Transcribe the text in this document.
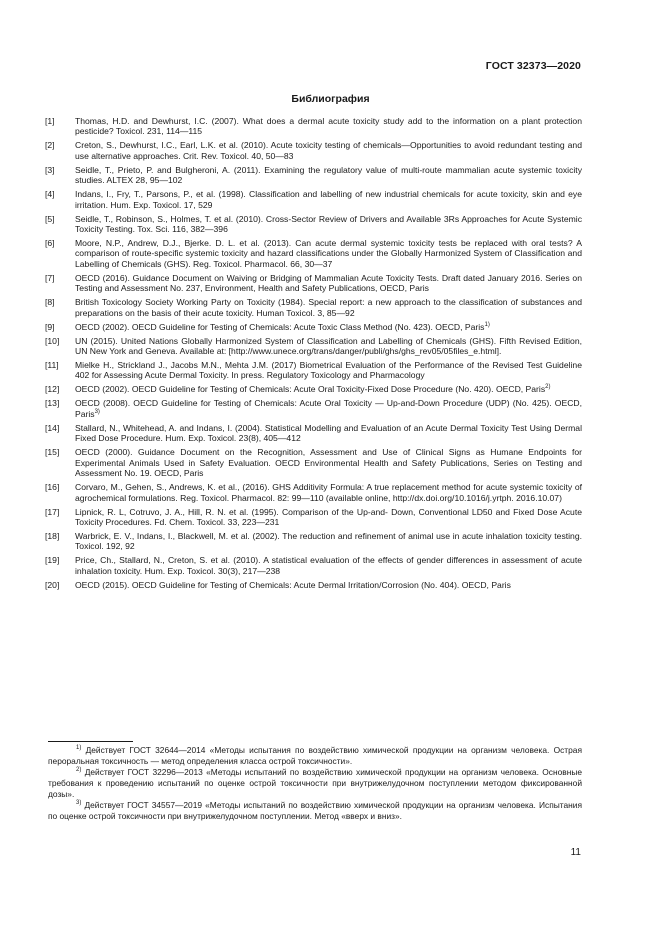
ГОСТ 32373—2020
Библиография
[1]	Thomas, H.D. and Dewhurst, I.C. (2007). What does a dermal acute toxicity study add to the information on a plant protection pesticide? Toxicol. 231, 114—115
[2]	Creton, S., Dewhurst, I.C., Earl, L.K. et al. (2010). Acute toxicity testing of chemicals—Opportunities to avoid redundant testing and use alternative approaches. Crit. Rev. Toxicol. 40, 50—83
[3]	Seidle, T., Prieto, P. and Bulgheroni, A. (2011). Examining the regulatory value of multi-route mammalian acute systemic toxicity studies. ALTEX 28, 95—102
[4]	Indans, I., Fry, T., Parsons, P., et al. (1998). Classification and labelling of new industrial chemicals for acute toxicity, skin and eye irritation. Hum. Exp. Toxicol. 17, 529
[5]	Seidle, T., Robinson, S., Holmes, T. et al. (2010). Cross-Sector Review of Drivers and Available 3Rs Approaches for Acute Systemic Toxicity Testing. Tox. Sci. 116, 382—396
[6]	Moore, N.P., Andrew, D.J., Bjerke. D. L. et al. (2013). Can acute dermal systemic toxicity tests be replaced with oral tests? A comparison of route-specific systemic toxicity and hazard classifications under the Globally Harmonized System of Classification and Labelling of Chemicals (GHS). Reg. Toxicol. Pharmacol. 66, 30—37
[7]	OECD (2016). Guidance Document on Waiving or Bridging of Mammalian Acute Toxicity Tests. Draft dated January 2016. Series on Testing and Assessment No. 237, Environment, Health and Safety Publications, OECD, Paris
[8]	British Toxicology Society Working Party on Toxicity (1984). Special report: a new approach to the classification of substances and preparations on the basis of their acute toxicity. Human Toxicol. 3, 85—92
[9]	OECD (2002). OECD Guideline for Testing of Chemicals: Acute Toxic Class Method (No. 423). OECD, Paris$^{1)}$
[10]	UN (2015). United Nations Globally Harmonized System of Classification and Labelling of Chemicals (GHS). Fifth Revised Edition, UN New York and Geneva. Available at: [http://www.unece.org/trans/danger/publi/ghs/ghs_rev05/05files_e.html].
[11]	Mielke H., Strickland J., Jacobs M.N., Mehta J.M. (2017) Biometrical Evaluation of the Performance of the Revised Test Guideline 402 for Assessing Acute Dermal Toxicity. In press. Regulatory Toxicology and Pharmacology
[12]	OECD (2002). OECD Guideline for Testing of Chemicals: Acute Oral Toxicity-Fixed Dose Procedure (No. 420). OECD, Paris$^{2)}$
[13]	OECD (2008). OECD Guideline for Testing of Chemicals: Acute Oral Toxicity — Up-and-Down Procedure (UDP) (No. 425). OECD, Paris$^{3)}$
[14]	Stallard, N., Whitehead, A. and Indans, I. (2004). Statistical Modelling and Evaluation of an Acute Dermal Toxicity Test Using Dermal Fixed Dose Procedure. Hum. Exp. Toxicol. 23(8), 405—412
[15]	OECD (2000). Guidance Document on the Recognition, Assessment and Use of Clinical Signs as Humane Endpoints for Experimental Animals Used in Safety Evaluation. OECD Environmental Health and Safety Publications, Series on Testing and Assessment No. 19. OECD, Paris
[16]	Corvaro, M., Gehen, S., Andrews, K. et al., (2016). GHS Additivity Formula: A true replacement method for acute systemic toxicity of agrochemical formulations. Reg. Toxicol. Pharmacol. 82: 99—110 (available online, http://dx.doi.org/10.1016/j.yrtph. 2016.10.07)
[17]	Lipnick, R. L, Cotruvo, J. A., Hill, R. N. et al. (1995). Comparison of the Up-and- Down, Conventional LD50 and Fixed Dose Acute Toxicity Procedures. Fd. Chem. Toxicol. 33, 223—231
[18]	Warbrick, E. V., Indans, I., Blackwell, M. et al. (2002). The reduction and refinement of animal use in acute inhalation toxicity testing. Toxicol. 192, 92
[19]	Price, Ch., Stallard, N., Creton, S. et al. (2010). A statistical evaluation of the effects of gender differences in assessment of acute inhalation toxicity. Hum. Exp. Toxicol. 30(3), 217—238
[20]	OECD (2015). OECD Guideline for Testing of Chemicals: Acute Dermal Irritation/Corrosion (No. 404). OECD, Paris
$^{1)}$ Действует ГОСТ 32644—2014 «Методы испытания по воздействию химической продукции на организм человека. Острая пероральная токсичность — метод определения класса острой токсичности».
$^{2)}$ Действует ГОСТ 32296—2013 «Методы испытаний по воздействию химической продукции на организм человека. Основные требования к проведению испытаний по оценке острой токсичности при внутрижелудочном поступлении методом фиксированной дозы».
$^{3)}$ Действует ГОСТ 34557—2019 «Методы испытаний по воздействию химической продукции на организм человека. Испытания по оценке острой токсичности при внутрижелудочном поступлении. Метод «вверх и вниз».
11
